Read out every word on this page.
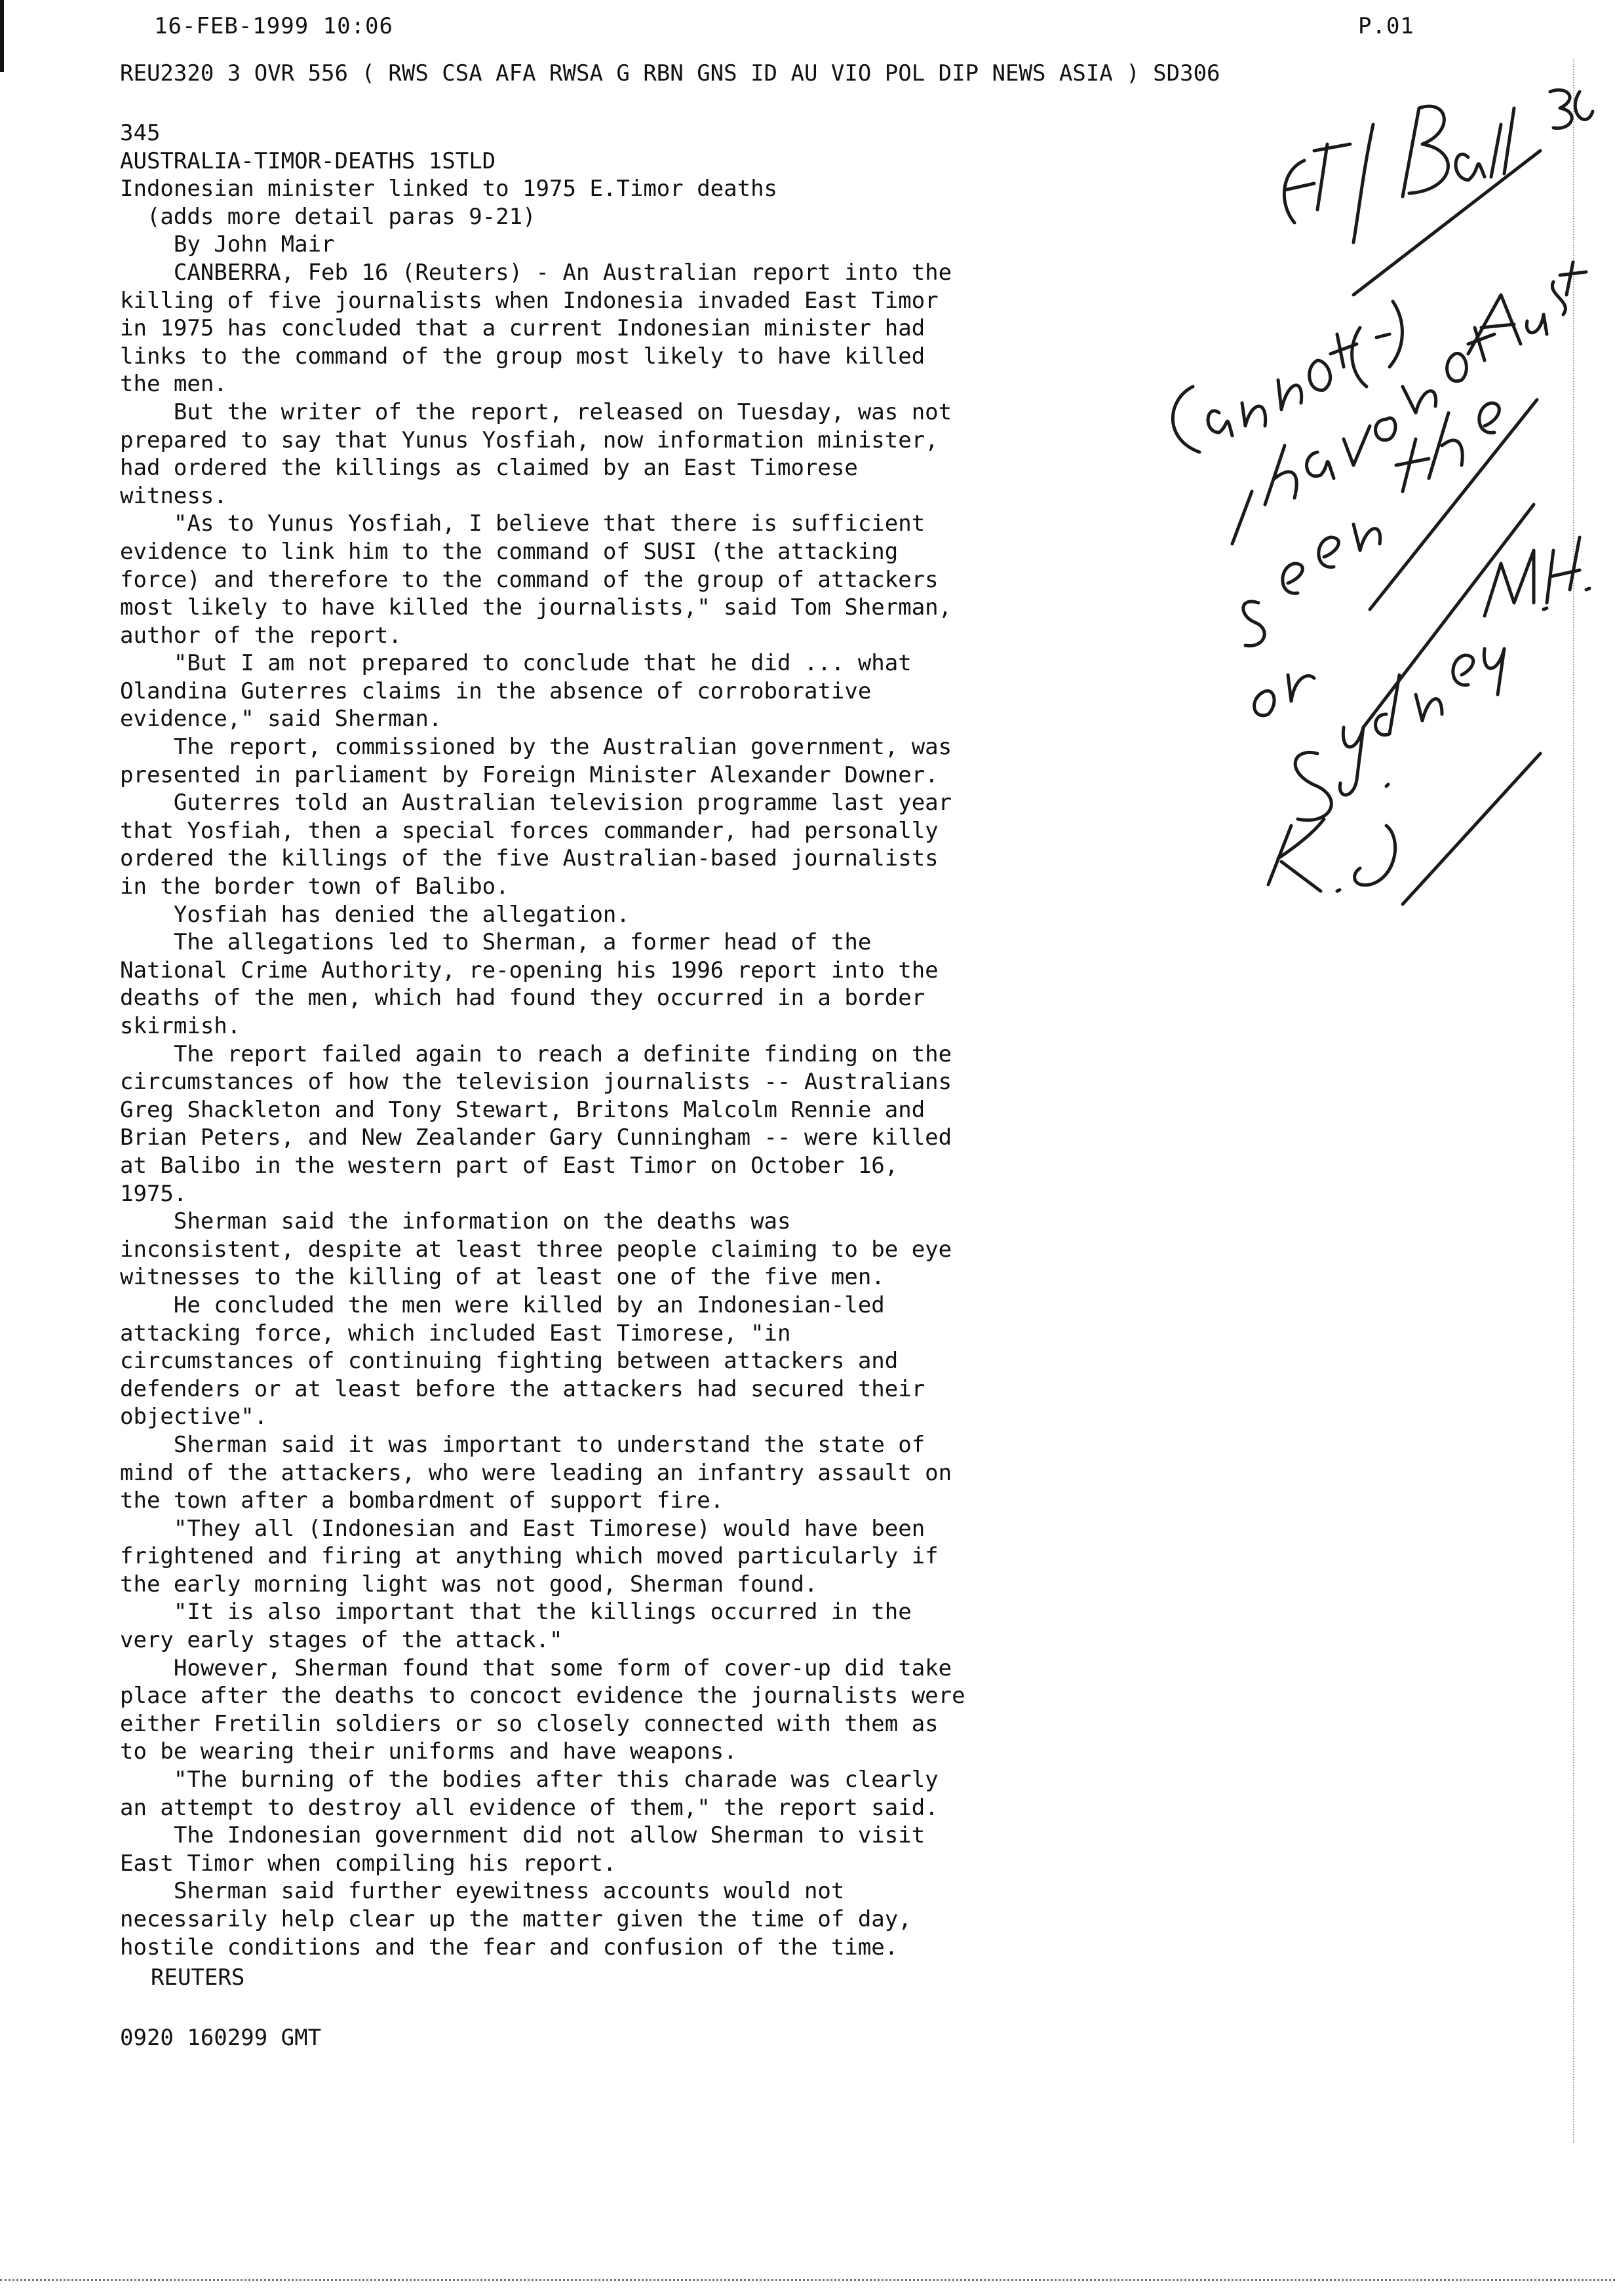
16-FEB-1999 10:06	P.01
REU2320 3 OVR 556 ( RWS CSA AFA RWSA G RBN GNS ID AU VIO POL DIP NEWS ASIA ) SD306
345
AUSTRALIA-TIMOR-DEATHS 1STLD
Indonesian minister linked to 1975 E.Timor deaths
(adds more detail paras 9-21)
By John Mair
CANBERRA, Feb 16 (Reuters) - An Australian report into the
killing of five journalists when Indonesia invaded East Timor
in 1975 has concluded that a current Indonesian minister had
links to the command of the group most likely to have killed
the men.
But the writer of the report, released on Tuesday, was not
prepared to say that Yunus Yosfiah, now information minister,
had ordered the killings as claimed by an East Timorese
witness.
"As to Yunus Yosfiah, I believe that there is sufficient
evidence to link him to the command of SUSI (the attacking
force) and therefore to the command of the group of attackers
most likely to have killed the journalists," said Tom Sherman,
author of the report.
"But I am not prepared to conclude that he did ... what
Olandina Guterres claims in the absence of corroborative
evidence," said Sherman.
The report, commissioned by the Australian government, was
presented in parliament by Foreign Minister Alexander Downer.
Guterres told an Australian television programme last year
that Yosfiah, then a special forces commander, had personally
ordered the killings of the five Australian-based journalists
in the border town of Balibo.
Yosfiah has denied the allegation.
The allegations led to Sherman, a former head of the
National Crime Authority, re-opening his 1996 report into the
deaths of the men, which had found they occurred in a border
skirmish.
The report failed again to reach a definite finding on the
circumstances of how the television journalists -- Australians
Greg Shackleton and Tony Stewart, Britons Malcolm Rennie and
Brian Peters, and New Zealander Gary Cunningham -- were killed
at Balibo in the western part of East Timor on October 16,
1975.
Sherman said the information on the deaths was
inconsistent, despite at least three people claiming to be eye
witnesses to the killing of at least one of the five men.
He concluded the men were killed by an Indonesian-led
attacking force, which included East Timorese, "in
circumstances of continuing fighting between attackers and
defenders or at least before the attackers had secured their
objective".
Sherman said it was important to understand the state of
mind of the attackers, who were leading an infantry assault on
the town after a bombardment of support fire.
"They all (Indonesian and East Timorese) would have been
frightened and firing at anything which moved particularly if
the early morning light was not good, Sherman found.
"It is also important that the killings occurred in the
very early stages of the attack."
However, Sherman found that some form of cover-up did take
place after the deaths to concoct evidence the journalists were
either Fretilin soldiers or so closely connected with them as
to be wearing their uniforms and have weapons.
"The burning of the bodies after this charade was clearly
an attempt to destroy all evidence of them," the report said.
The Indonesian government did not allow Sherman to visit
East Timor when compiling his report.
Sherman said further eyewitness accounts would not
necessarily help clear up the matter given the time of day,
hostile conditions and the fear and confusion of the time.
REUTERS
0920 160299 GMT
